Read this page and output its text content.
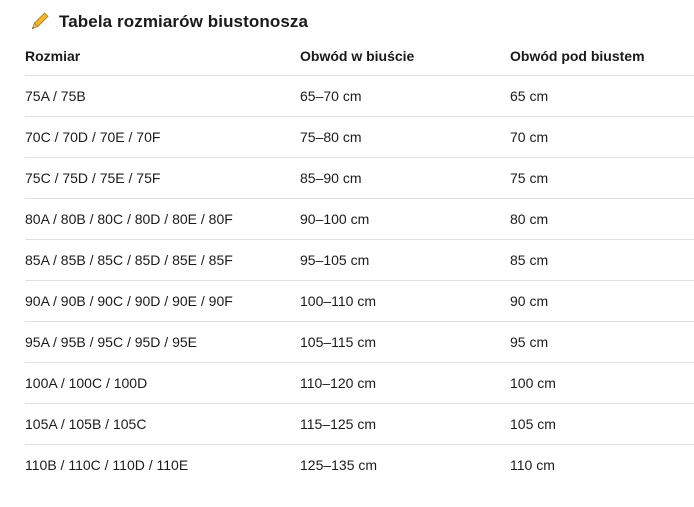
Tabela rozmiarów biustonosza
Rozmiar	Obwód w biuście	Obwód pod biustem
75A / 75B	65–70 cm	65 cm
70C / 70D / 70E / 70F	75–80 cm	70 cm
75C / 75D / 75E / 75F	85–90 cm	75 cm
80A / 80B / 80C / 80D / 80E / 80F	90–100 cm	80 cm
85A / 85B / 85C / 85D / 85E / 85F	95–105 cm	85 cm
90A / 90B / 90C / 90D / 90E / 90F	100–110 cm	90 cm
95A / 95B / 95C / 95D / 95E	105–115 cm	95 cm
100A / 100C / 100D	110–120 cm	100 cm
105A / 105B / 105C	115–125 cm	105 cm
110B / 110C / 110D / 110E	125–135 cm	110 cm
